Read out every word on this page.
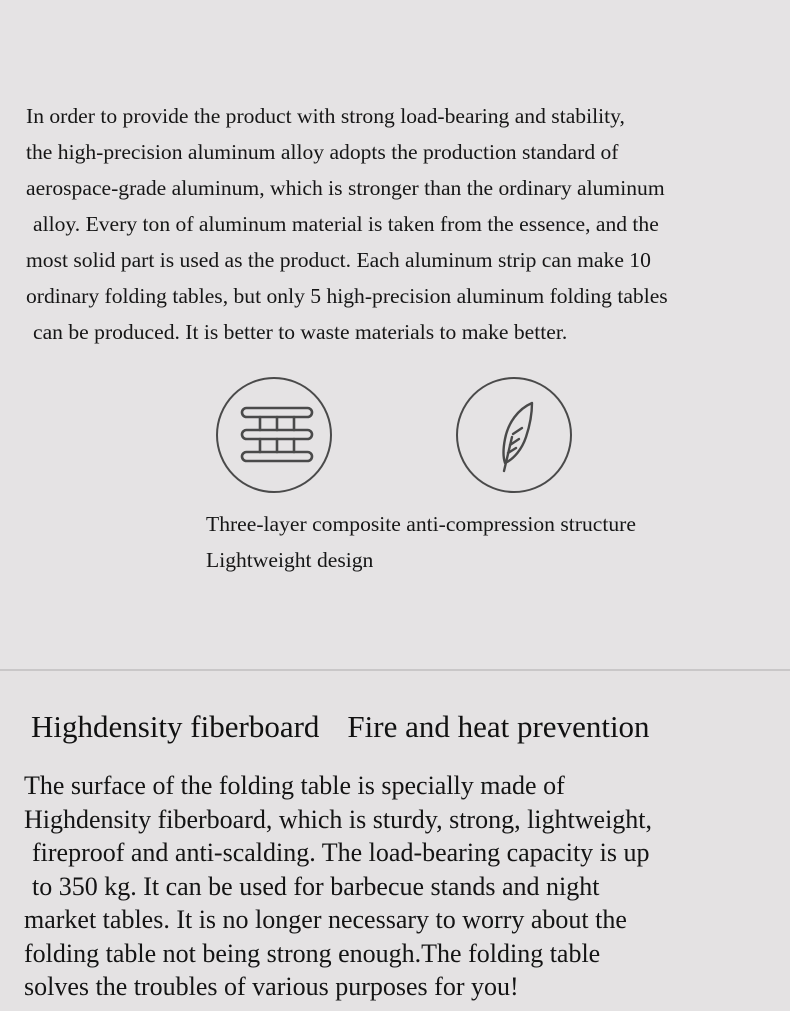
In order to provide the product with strong load-bearing and stability,
the high-precision aluminum alloy adopts the production standard of
aerospace-grade aluminum, which is stronger than the ordinary aluminum
alloy. Every ton of aluminum material is taken from the essence, and the
most solid part is used as the product. Each aluminum strip can make 10
ordinary folding tables, but only 5 high-precision aluminum folding tables
can be produced. It is better to waste materials to make better.
Three-layer composite anti-compression structure
Lightweight design
Highdensity fiberboard Fire and heat prevention
The surface of the folding table is specially made of
Highdensity fiberboard, which is sturdy, strong, lightweight,
fireproof and anti-scalding. The load-bearing capacity is up
to 350 kg. It can be used for barbecue stands and night
market tables. It is no longer necessary to worry about the
folding table not being strong enough.The folding table
solves the troubles of various purposes for you!
